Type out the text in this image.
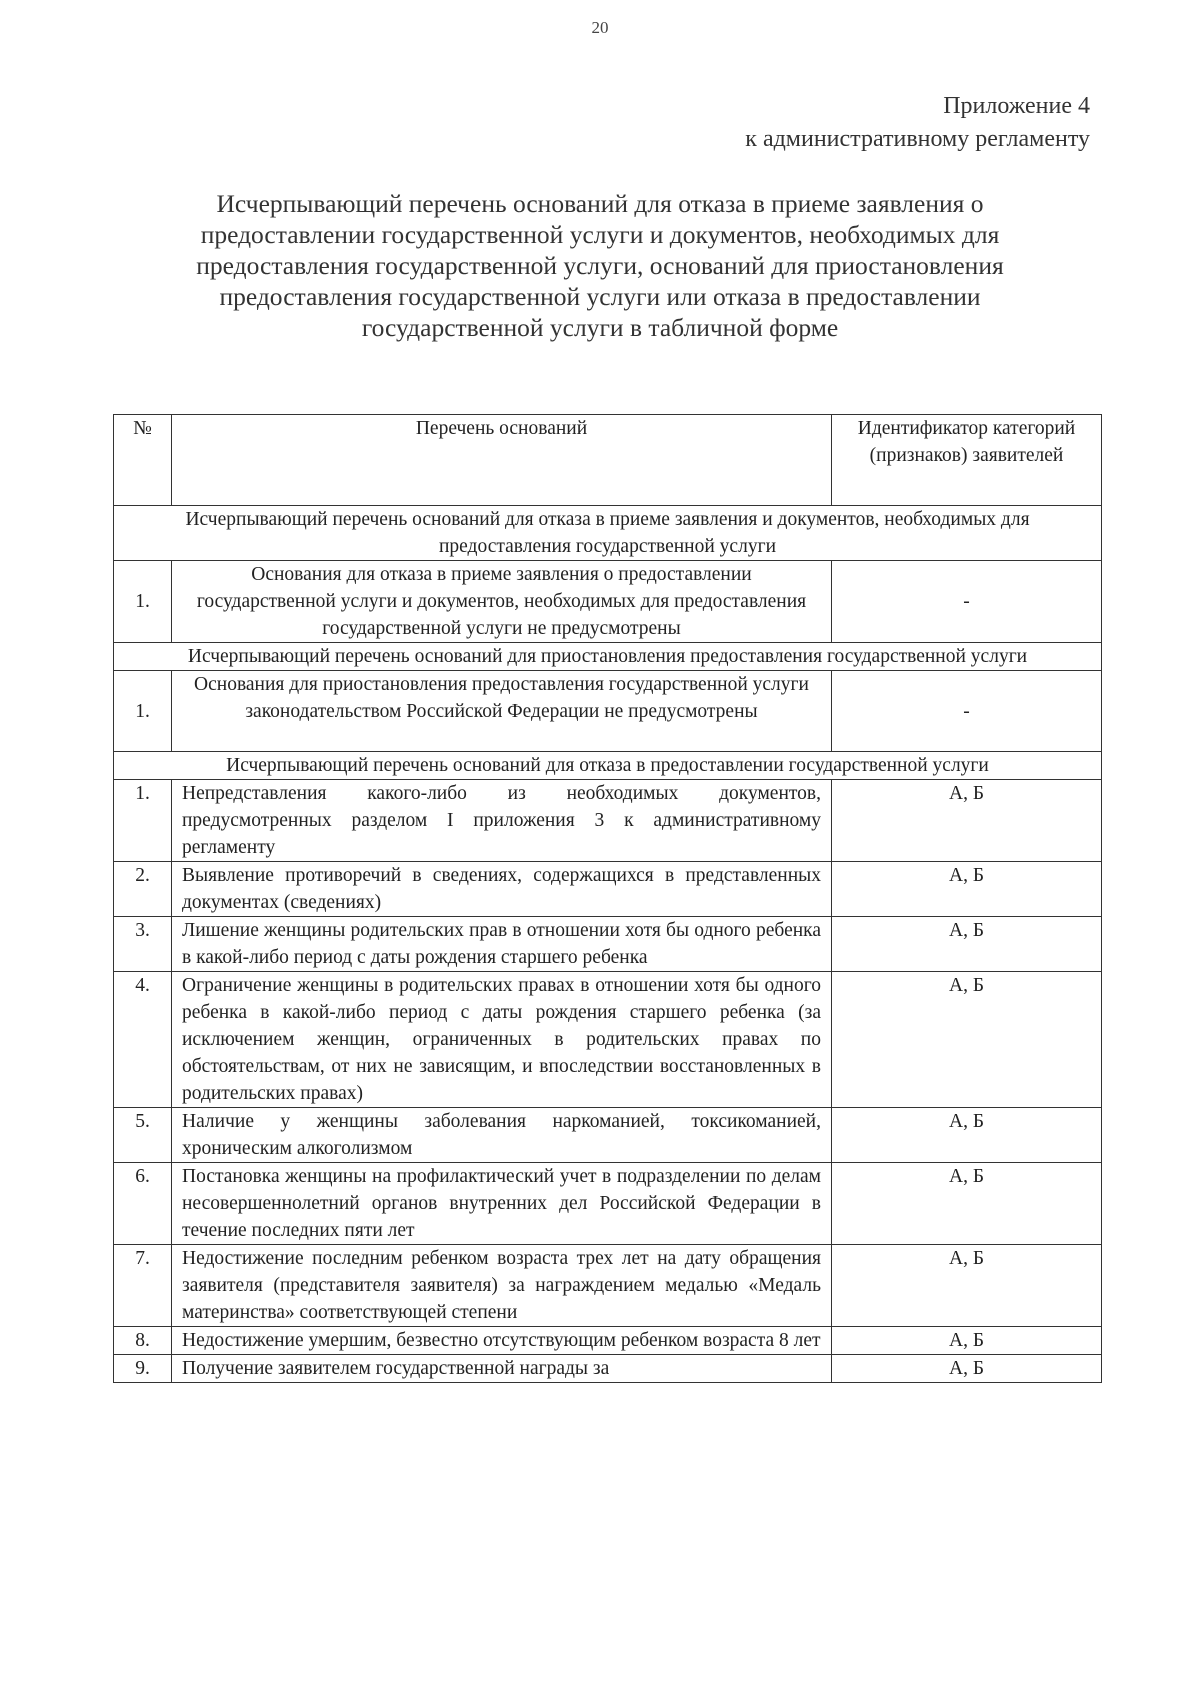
20
Приложение 4
к административному регламенту
Исчерпывающий перечень оснований для отказа в приеме заявления о предоставлении государственной услуги и документов, необходимых для предоставления государственной услуги, оснований для приостановления предоставления государственной услуги или отказа в предоставлении государственной услуги в табличной форме
№	Перечень оснований	Идентификатор категорий (признаков) заявителей
Исчерпывающий перечень оснований для отказа в приеме заявления и документов, необходимых для предоставления государственной услуги		
1.	Основания для отказа в приеме заявления о предоставлении государственной услуги и документов, необходимых для предоставления государственной услуги не предусмотрены	-
Исчерпывающий перечень оснований для приостановления предоставления государственной услуги		
1.	Основания для приостановления предоставления государственной услуги законодательством Российской Федерации не предусмотрены	-
Исчерпывающий перечень оснований для отказа в предоставлении государственной услуги		
1.	Непредставления какого-либо из необходимых документов, предусмотренных разделом I приложения 3 к административному регламенту	А, Б
2.	Выявление противоречий в сведениях, содержащихся в представленных документах (сведениях)	А, Б
3.	Лишение женщины родительских прав в отношении хотя бы одного ребенка в какой-либо период с даты рождения старшего ребенка	А, Б
4.	Ограничение женщины в родительских правах в отношении хотя бы одного ребенка в какой-либо период с даты рождения старшего ребенка (за исключением женщин, ограниченных в родительских правах по обстоятельствам, от них не зависящим, и впоследствии восстановленных в родительских правах)	А, Б
5.	Наличие у женщины заболевания наркоманией, токсикоманией, хроническим алкоголизмом	А, Б
6.	Постановка женщины на профилактический учет в подразделении по делам несовершеннолетний органов внутренних дел Российской Федерации в течение последних пяти лет	А, Б
7.	Недостижение последним ребенком возраста трех лет на дату обращения заявителя (представителя заявителя) за награждением медалью «Медаль материнства» соответствующей степени	А, Б
8.	Недостижение умершим, безвестно отсутствующим ребенком возраста 8 лет	А, Б
9.	Получение заявителем государственной награды за	А, Б
